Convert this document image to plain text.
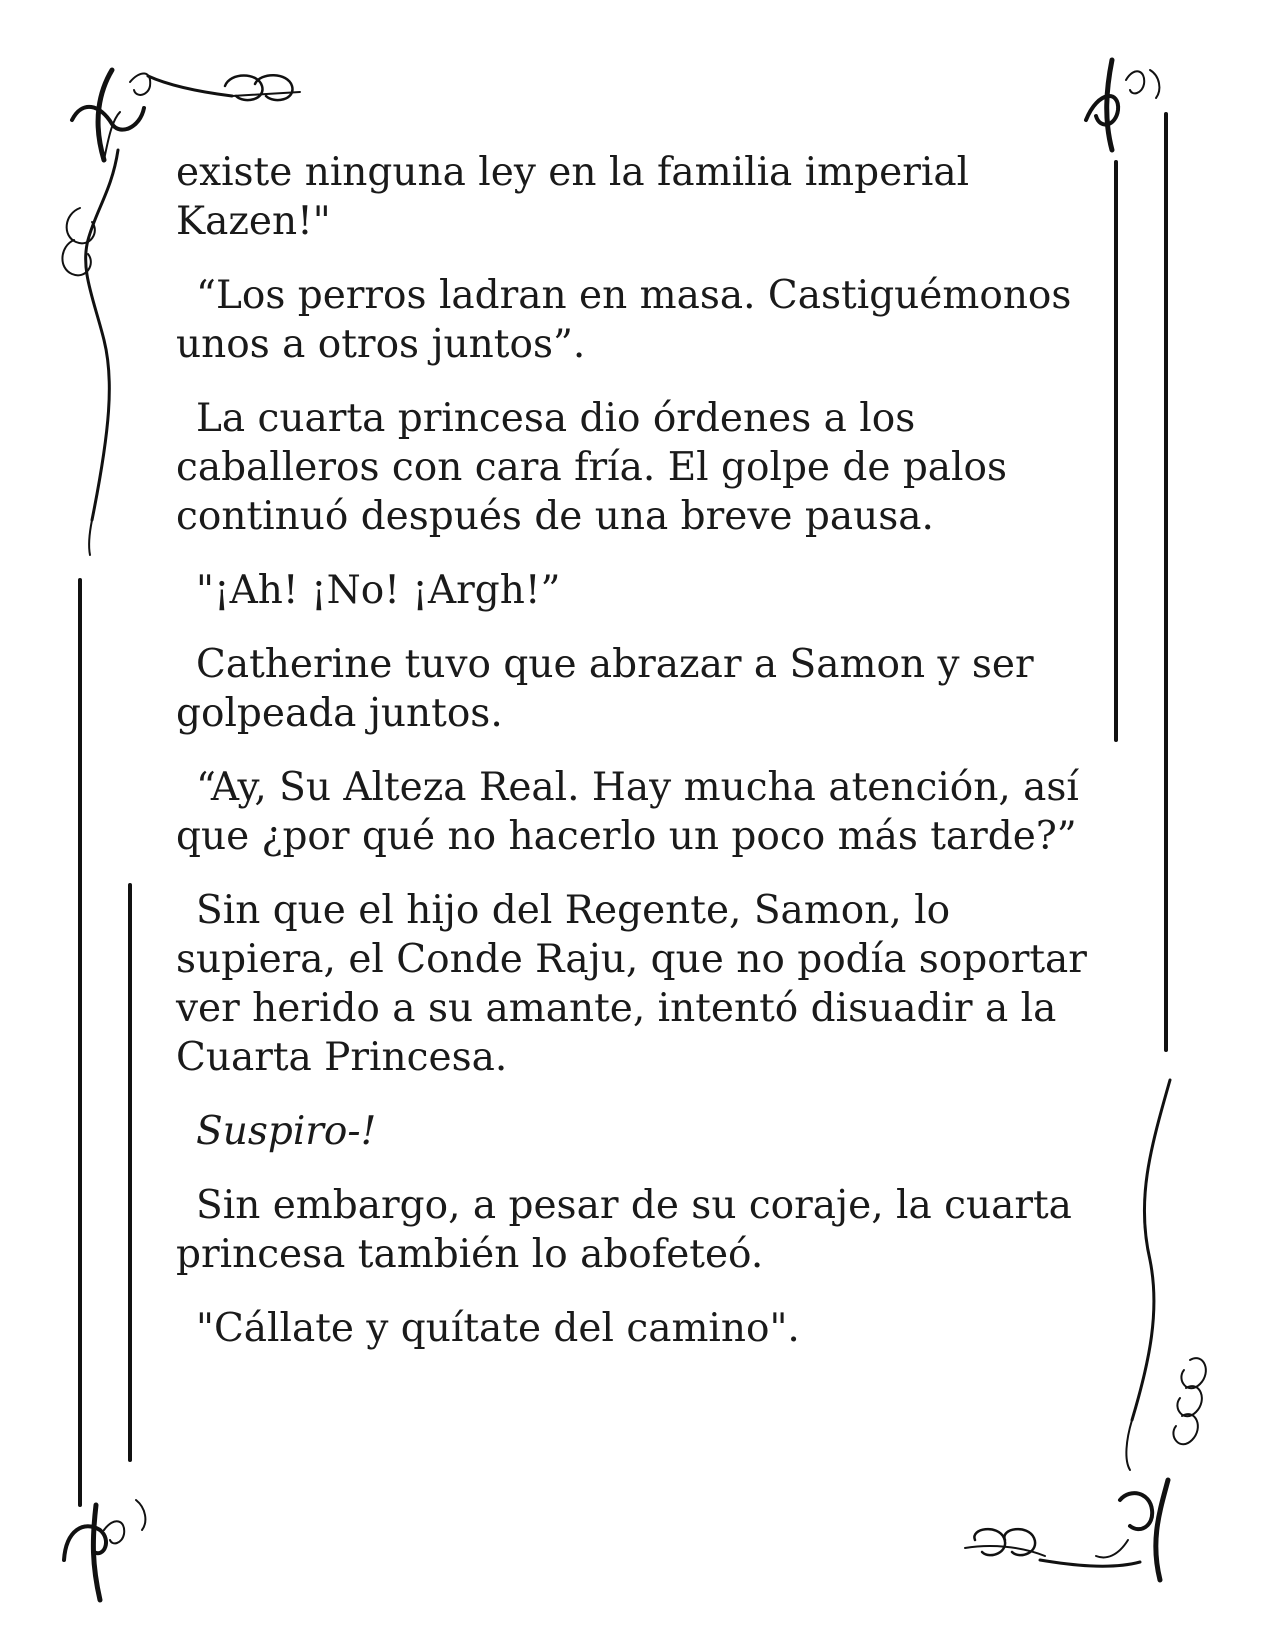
existe ninguna ley en la familia imperial Kazen!"

“Los perros ladran en masa. Castiguémonos unos a otros juntos”.

La cuarta princesa dio órdenes a los caballeros con cara fría. El golpe de palos continuó después de una breve pausa.

"¡Ah! ¡No! ¡Argh!”

Catherine tuvo que abrazar a Samon y ser golpeada juntos.

“Ay, Su Alteza Real. Hay mucha atención, así que ¿por qué no hacerlo un poco más tarde?”

Sin que el hijo del Regente, Samon, lo supiera, el Conde Raju, que no podía soportar ver herido a su amante, intentó disuadir a la Cuarta Princesa.

Suspiro-!

Sin embargo, a pesar de su coraje, la cuarta princesa también lo abofeteó.

"Cállate y quítate del camino".
